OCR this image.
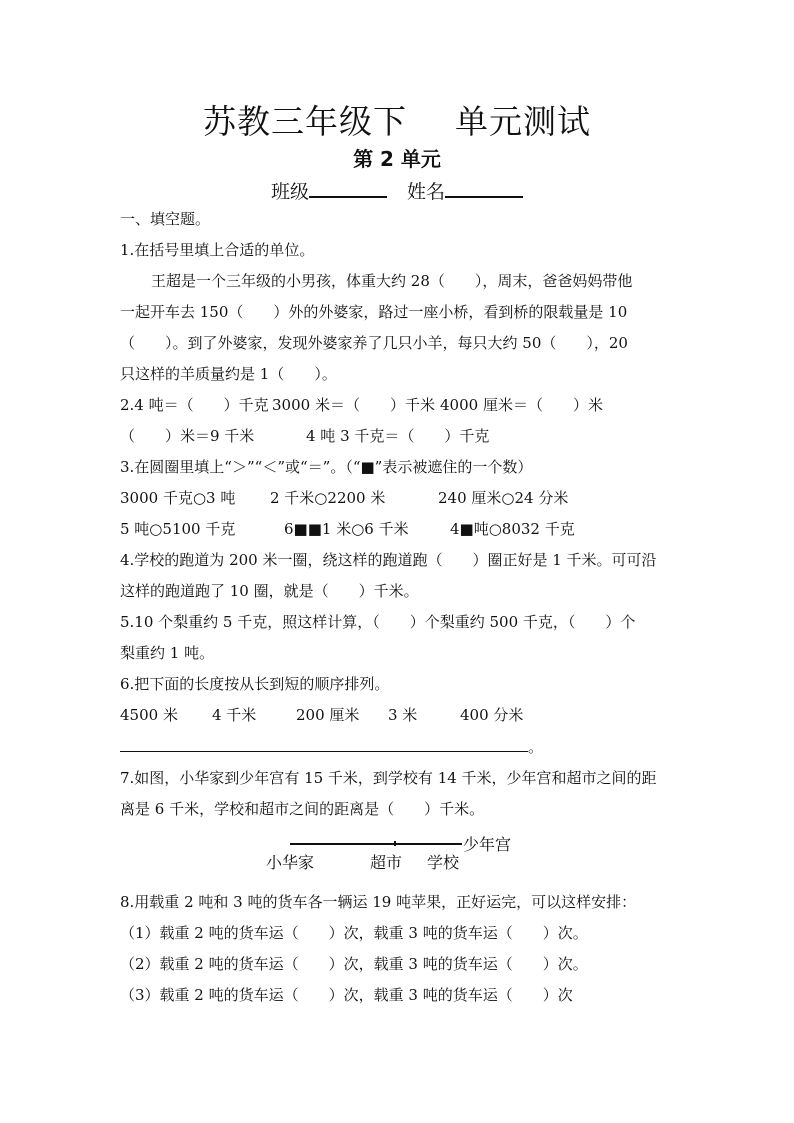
苏教三年级下 单元测试
第 2 单元
班级	姓名

一、填空题。

1.在括号里填上合适的单位。

王超是一个三年级的小男孩，体重大约 28（　　），周末，爸爸妈妈带他

一起开车去 150（　　）外的外婆家，路过一座小桥，看到桥的限载量是 10

（　　）。到了外婆家，发现外婆家养了几只小羊，每只大约 50（　　），20

只这样的羊质量约是 1（　　）。

2.4 吨＝（　　）千克 3000 米＝（　　）千米 4000 厘米＝（　　）米

（　　）米＝9 千米	4 吨 3 千克＝（　　）千克

3.在圆圈里填上“＞”“＜”或“＝”。（“■”表示被遮住的一个数）

3000 千克○3 吨 2 千米○2200 米	240 厘米○24 分米

5 吨○5100 千克	6■■1 米○6 千米	4■吨○8032 千克

4.学校的跑道为 200 米一圈，绕这样的跑道跑（　　）圈正好是 1 千米。可可沿

这样的跑道跑了 10 圈，就是（　　）千米。

5.10 个梨重约 5 千克，照这样计算，（　　）个梨重约 500 千克，（　　）个

梨重约 1 吨。

6.把下面的长度按从长到短的顺序排列。

4500 米 4 千米	200 厘米 3 米	400 分米

。

7.如图，小华家到少年宫有 15 千米，到学校有 14 千米，少年宫和超市之间的距

离是 6 千米，学校和超市之间的距离是（　　）千米。

小华家	超市 学校
少年宫

8.用载重 2 吨和 3 吨的货车各一辆运 19 吨苹果，正好运完，可以这样安排：

（1）载重 2 吨的货车运（　　）次，载重 3 吨的货车运（　　）次。

（2）载重 2 吨的货车运（　　）次，载重 3 吨的货车运（　　）次。

（3）载重 2 吨的货车运（　　）次，载重 3 吨的货车运（　　）次
